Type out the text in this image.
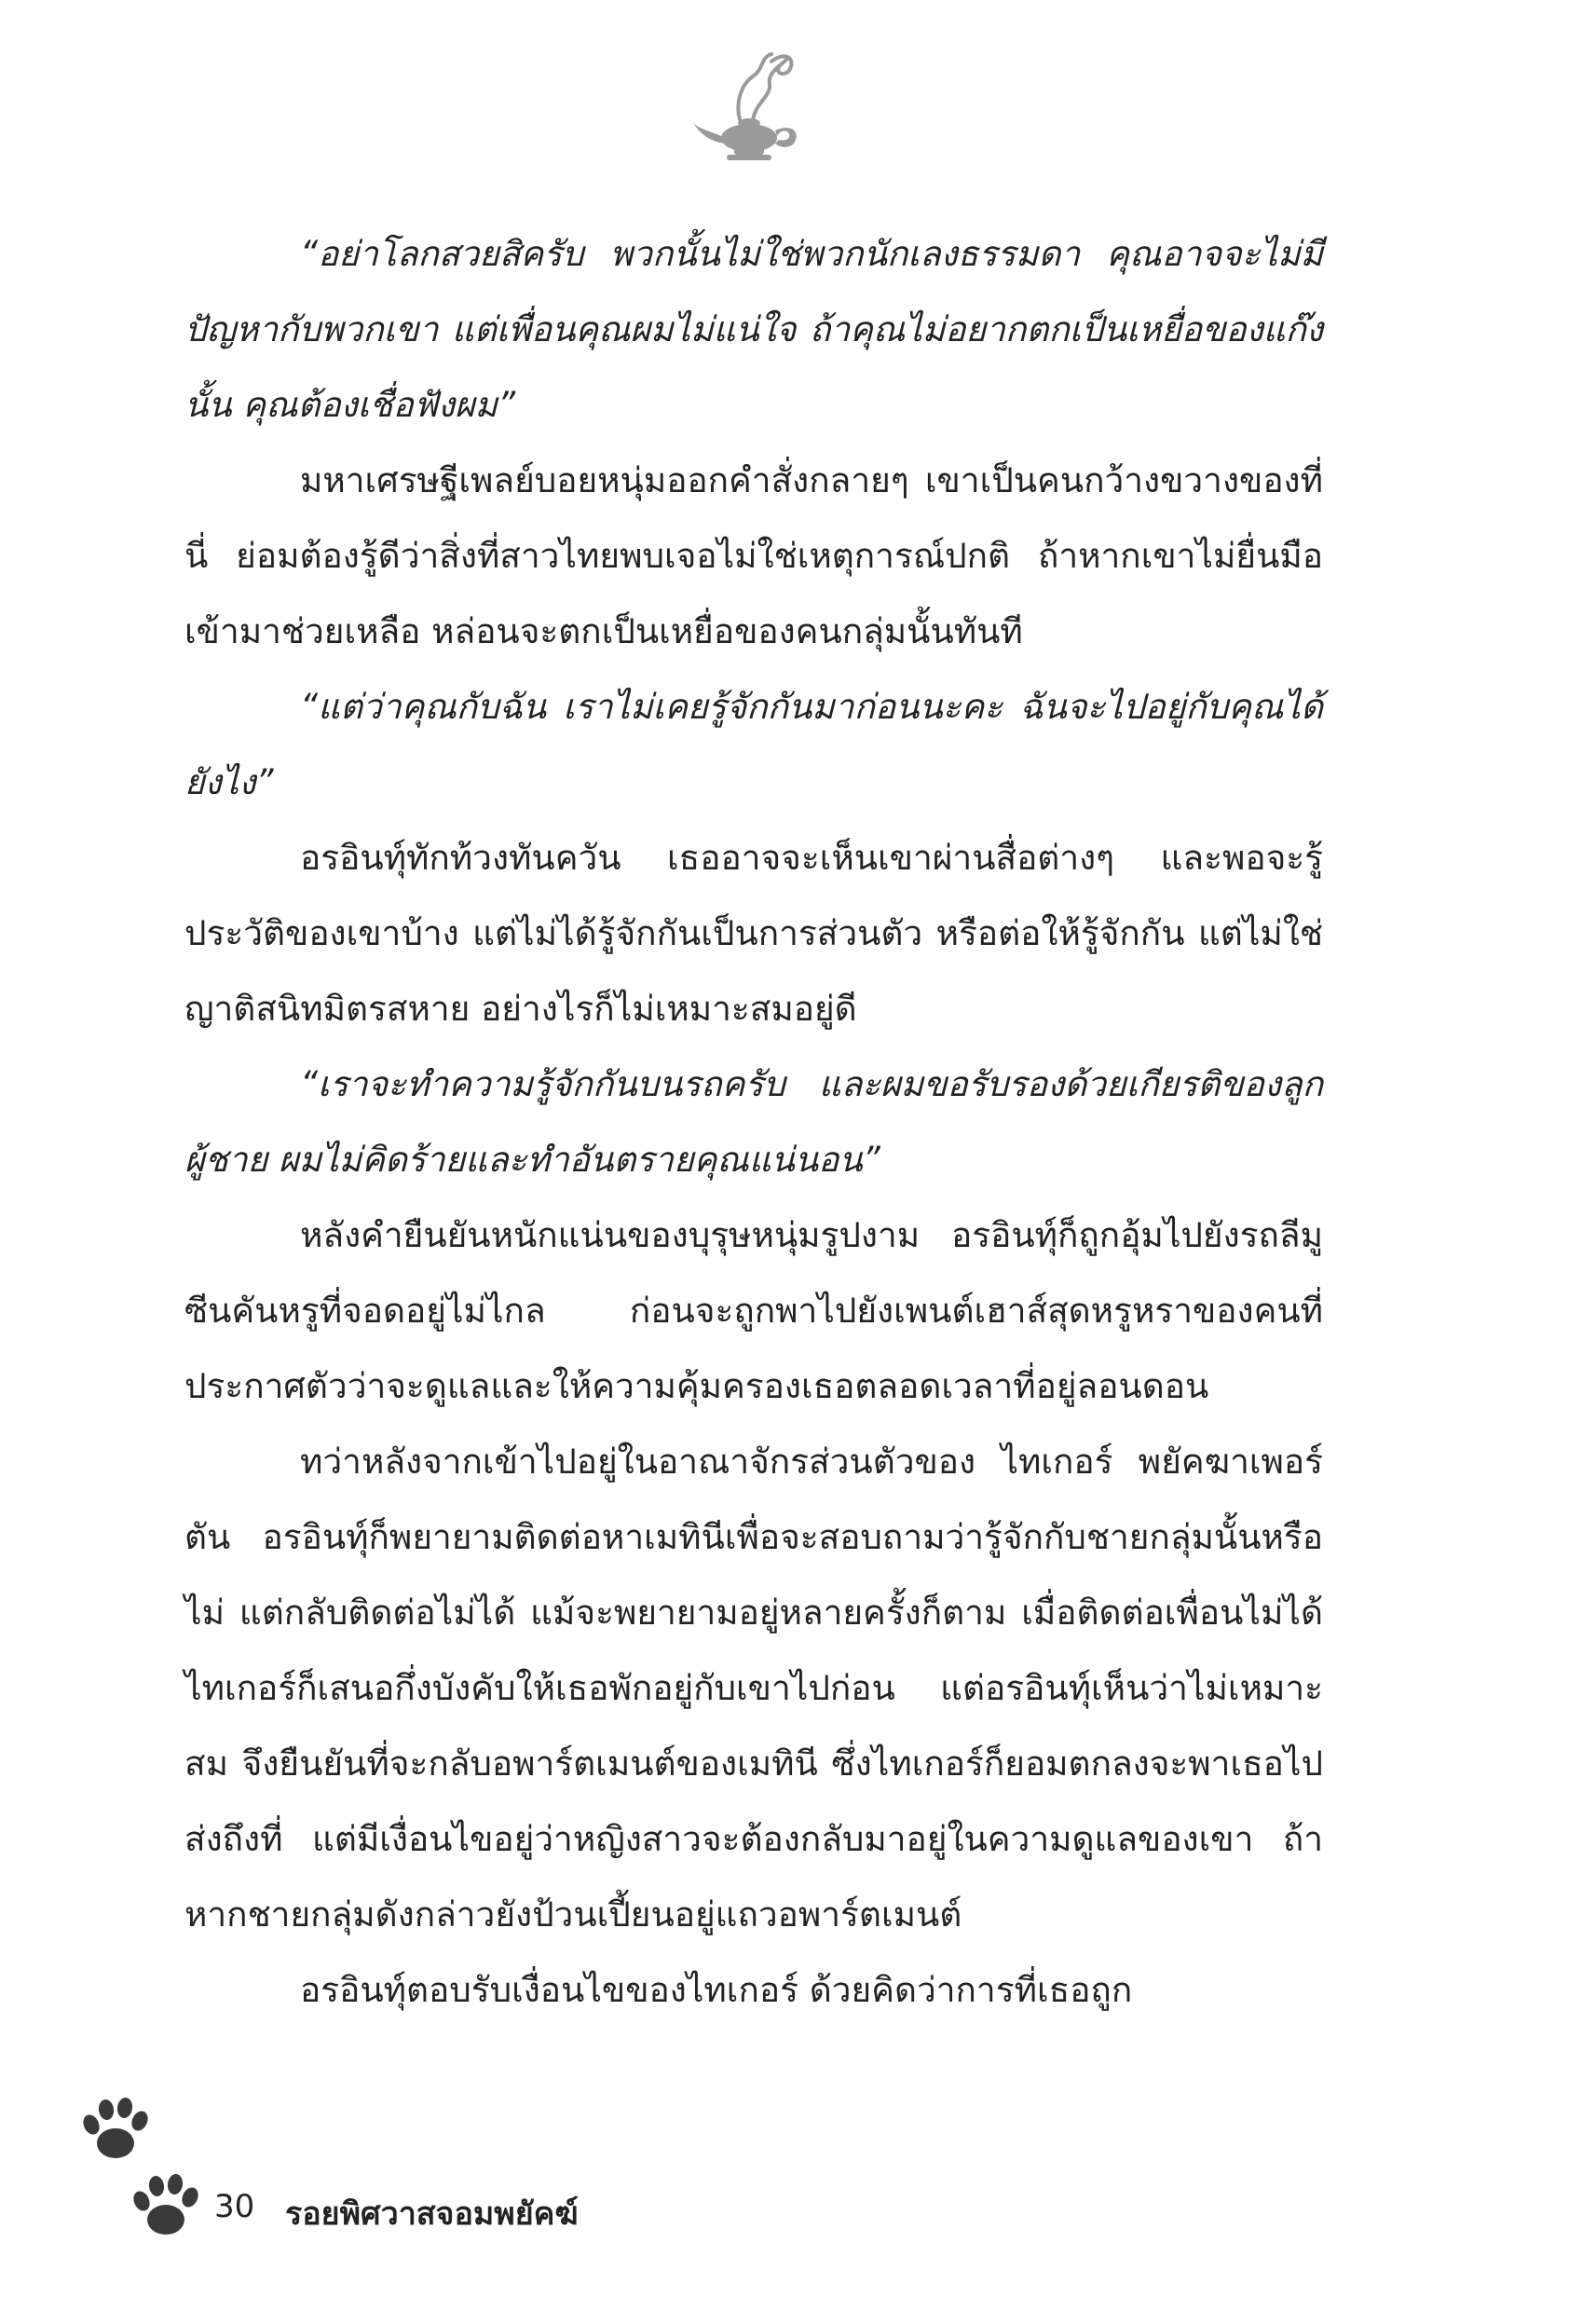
“อย่าโลกสวยสิครับ พวกนั้นไม่ใช่พวกนักเลงธรรมดา คุณอาจจะไม่มีปัญหากับพวกเขา แต่เพื่อนคุณผมไม่แน่ใจ ถ้าคุณไม่อยากตกเป็นเหยื่อของแก๊งนั้น คุณต้องเชื่อฟังผม”

มหาเศรษฐีเพลย์บอยหนุ่มออกคำสั่งกลายๆ เขาเป็นคนกว้างขวางของที่นี่ ย่อมต้องรู้ดีว่าสิ่งที่สาวไทยพบเจอไม่ใช่เหตุการณ์ปกติ ถ้าหากเขาไม่ยื่นมือเข้ามาช่วยเหลือ หล่อนจะตกเป็นเหยื่อของคนกลุ่มนั้นทันที

“แต่ว่าคุณกับฉัน เราไม่เคยรู้จักกันมาก่อนนะคะ ฉันจะไปอยู่กับคุณได้ยังไง”

อรอินท์ุทักท้วงทันควัน เธออาจจะเห็นเขาผ่านสื่อต่างๆ และพอจะรู้ประวัติของเขาบ้าง แต่ไม่ได้รู้จักกันเป็นการส่วนตัว หรือต่อให้รู้จักกัน แต่ไม่ใช่ญาติสนิทมิตรสหาย อย่างไรก็ไม่เหมาะสมอยู่ดี

“เราจะทำความรู้จักกันบนรถครับ และผมขอรับรองด้วยเกียรติของลูกผู้ชาย ผมไม่คิดร้ายและทำอันตรายคุณแน่นอน”

หลังคำยืนยันหนักแน่นของบุรุษหนุ่มรูปงาม อรอินท์ุก็ถูกอุ้มไปยังรถลีมูซีนคันหรูที่จอดอยู่ไม่ไกล ก่อนจะถูกพาไปยังเพนต์เฮาส์สุดหรูหราของคนที่ประกาศตัวว่าจะดูแลและให้ความคุ้มครองเธอตลอดเวลาที่อยู่ลอนดอน

ทว่าหลังจากเข้าไปอยู่ในอาณาจักรส่วนตัวของ ไทเกอร์ พยัคฆาเพอร์ตัน อรอินท์ุก็พยายามติดต่อหาเมทินีเพื่อจะสอบถามว่ารู้จักกับชายกลุ่มนั้นหรือไม่ แต่กลับติดต่อไม่ได้ แม้จะพยายามอยู่หลายครั้งก็ตาม เมื่อติดต่อเพื่อนไม่ได้ ไทเกอร์ก็เสนอกึ่งบังคับให้เธอพักอยู่กับเขาไปก่อน แต่อรอินท์ุเห็นว่าไม่เหมาะสม จึงยืนยันที่จะกลับอพาร์ตเมนต์ของเมทินี ซึ่งไทเกอร์ก็ยอมตกลงจะพาเธอไปส่งถึงที่ แต่มีเงื่อนไขอยู่ว่าหญิงสาวจะต้องกลับมาอยู่ในความดูแลของเขา ถ้าหากชายกลุ่มดังกล่าวยังป้วนเปี้ยนอยู่แถวอพาร์ตเมนต์

อรอินท์ุตอบรับเงื่อนไขของไทเกอร์ ด้วยคิดว่าการที่เธอถูก

30 รอยพิศวาสจอมพยัคฆ์
